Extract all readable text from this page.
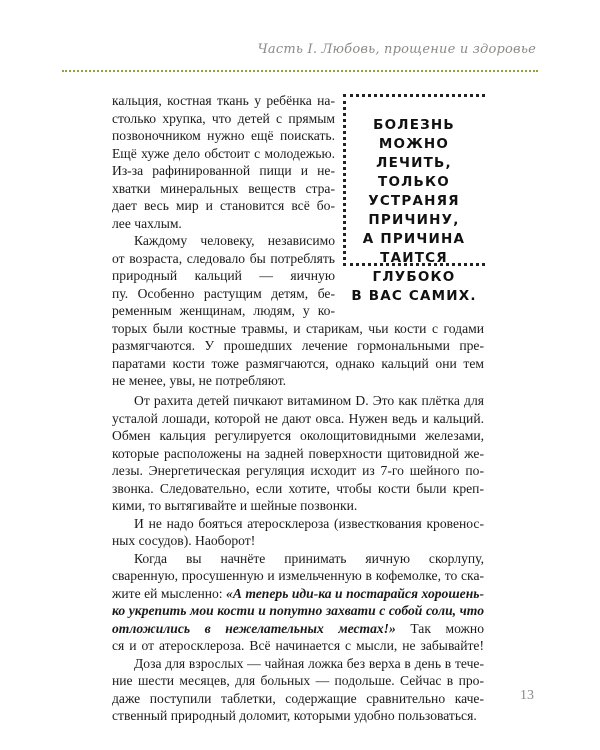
Часть I. Любовь, прощение и здоровье
БОЛЕЗНЬ
МОЖНО ЛЕЧИТЬ,
ТОЛЬКО
УСТРАНЯЯ
ПРИЧИНУ,
А ПРИЧИНА
ТАИТСЯ
ГЛУБОКО
В ВАС САМИХ.
кальция, костная ткань у ребёнка на-
столько хрупка, что детей с прямым
позвоночником нужно ещё поискать.
Ещё хуже дело обстоит с молодежью.
Из-за рафинированной пищи и не-
хватки минеральных веществ стра-
дает весь мир и становится всё бо-
лее чахлым.
Каждому человеку, независимо
от возраста, следовало бы потреблять
природный кальций — яичную
пу. Особенно растущим детям, бе-
ременным женщинам, людям, у ко-
торых были костные травмы, и старикам, чьи кости с годами
размягчаются. У прошедших лечение гормональными пре-
паратами кости тоже размягчаются, однако кальций они тем
не менее, увы, не потребляют.
От рахита детей пичкают витамином D. Это как плётка для
усталой лошади, которой не дают овса. Нужен ведь и кальций.
Обмен кальция регулируется околощитовидными железами,
которые расположены на задней поверхности щитовидной же-
лезы. Энергетическая регуляция исходит из 7-го шейного по-
звонка. Следовательно, если хотите, чтобы кости были креп-
кими, то вытягивайте и шейные позвонки.
И не надо бояться атеросклероза (известкования кровенос-
ных сосудов). Наоборот!
Когда вы начнёте принимать яичную скорлупу,
сваренную, просушенную и измельченную в кофемолке, то ска-
жите ей мысленно: «А теперь иди-ка и постарайся хорошень-
ко укрепить мои кости и попутно захвати с собой соли, что
отложились в нежелательных местах!» Так можно
ся и от атеросклероза. Всё начинается с мысли, не забывайте!
Доза для взрослых — чайная ложка без верха в день в тече-
ние шести месяцев, для больных — подольше. Сейчас в про-
даже поступили таблетки, содержащие сравнительно каче-
ственный природный доломит, которыми удобно пользоваться.
13
